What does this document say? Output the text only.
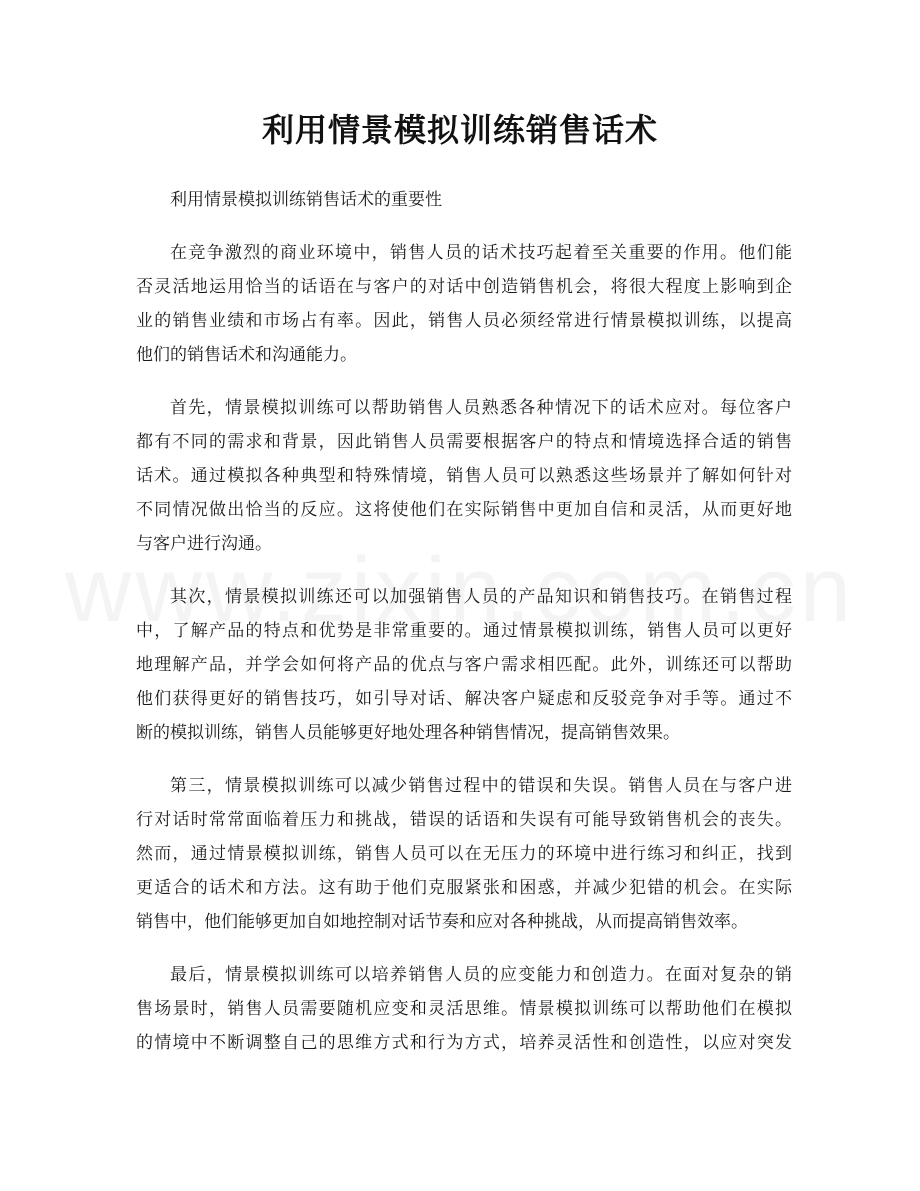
利用情景模拟训练销售话术

利用情景模拟训练销售话术的重要性

在竞争激烈的商业环境中，销售人员的话术技巧起着至关重要的作用。他们能
否灵活地运用恰当的话语在与客户的对话中创造销售机会，将很大程度上影响到企
业的销售业绩和市场占有率。因此，销售人员必须经常进行情景模拟训练，以提高
他们的销售话术和沟通能力。
首先，情景模拟训练可以帮助销售人员熟悉各种情况下的话术应对。每位客户
都有不同的需求和背景，因此销售人员需要根据客户的特点和情境选择合适的销售
话术。通过模拟各种典型和特殊情境，销售人员可以熟悉这些场景并了解如何针对
不同情况做出恰当的反应。这将使他们在实际销售中更加自信和灵活，从而更好地
与客户进行沟通。
其次，情景模拟训练还可以加强销售人员的产品知识和销售技巧。在销售过程
中，了解产品的特点和优势是非常重要的。通过情景模拟训练，销售人员可以更好
地理解产品，并学会如何将产品的优点与客户需求相匹配。此外，训练还可以帮助
他们获得更好的销售技巧，如引导对话、解决客户疑虑和反驳竞争对手等。通过不
断的模拟训练，销售人员能够更好地处理各种销售情况，提高销售效果。
第三，情景模拟训练可以减少销售过程中的错误和失误。销售人员在与客户进
行对话时常常面临着压力和挑战，错误的话语和失误有可能导致销售机会的丧失。
然而，通过情景模拟训练，销售人员可以在无压力的环境中进行练习和纠正，找到
更适合的话术和方法。这有助于他们克服紧张和困惑，并减少犯错的机会。在实际
销售中，他们能够更加自如地控制对话节奏和应对各种挑战，从而提高销售效率。
最后，情景模拟训练可以培养销售人员的应变能力和创造力。在面对复杂的销
售场景时，销售人员需要随机应变和灵活思维。情景模拟训练可以帮助他们在模拟
的情境中不断调整自己的思维方式和行为方式，培养灵活性和创造性，以应对突发
